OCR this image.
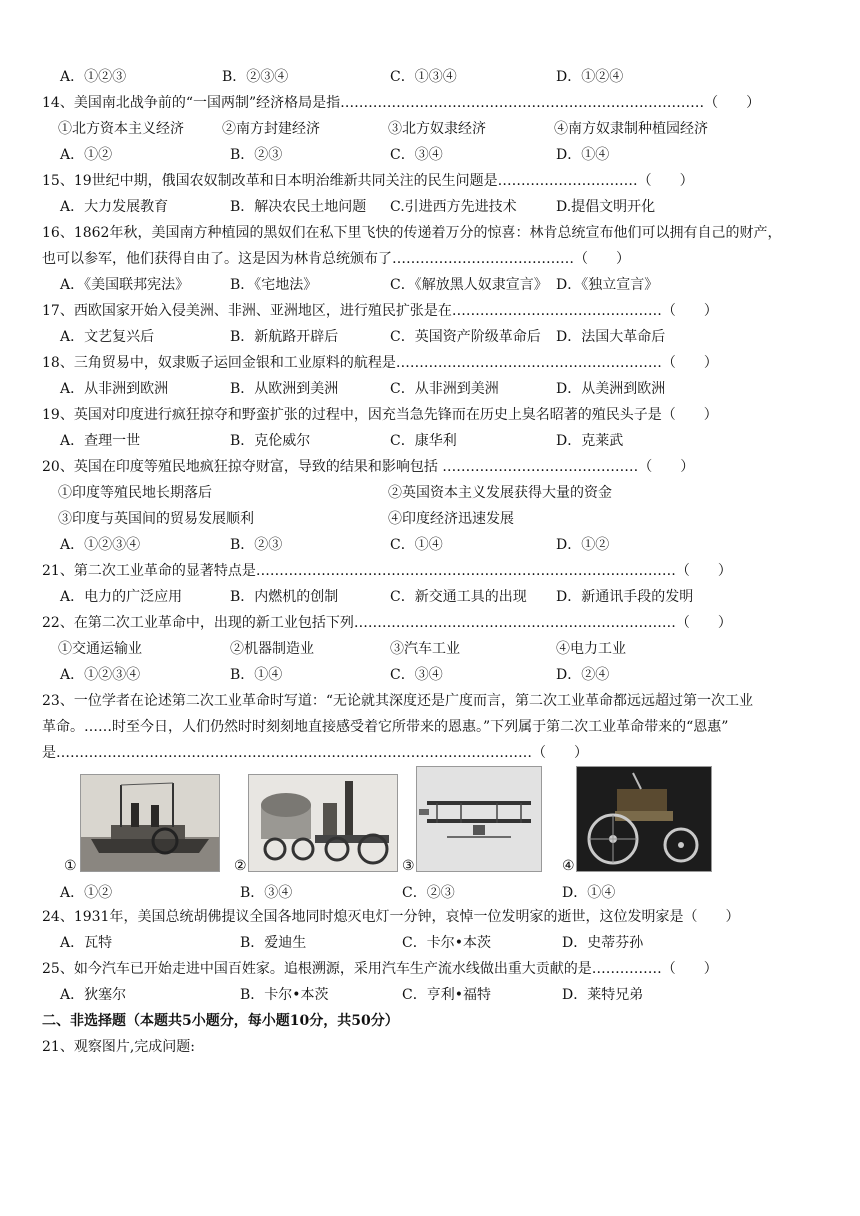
A．①②③	B．②③④	C．①③④	D．①②④
14、美国南北战争前的“一国两制”经济格局是指……………………………………………………………………（　　）
①北方资本主义经济	②南方封建经济	③北方奴隶经济	④南方奴隶制种植园经济
A．①②	B．②③	C．③④	D．①④
15、19世纪中期，俄国农奴制改革和日本明治维新共同关注的民生问题是…………………………（　　）
A．大力发展教育	B．解决农民土地问题 C.引进西方先进技术	D.提倡文明开化
16、1862年秋，美国南方种植园的黑奴们在私下里飞快的传递着万分的惊喜：林肯总统宣布他们可以拥有自己的财产，
也可以参军，他们获得自由了。这是因为林肯总统颁布了…………………………………（　　）
A．《美国联邦宪法》	B．《宅地法》	C．《解放黑人奴隶宣言》 D．《独立宣言》
17、西欧国家开始入侵美洲、非洲、亚洲地区，进行殖民扩张是在………………………………………（　　）
A．文艺复兴后	B．新航路开辟后	C．英国资产阶级革命后 D．法国大革命后
18、三角贸易中，奴隶贩子运回金银和工业原料的航程是…………………………………………………（　　）
A．从非洲到欧洲	B．从欧洲到美洲	C．从非洲到美洲	D．从美洲到欧洲
19、英国对印度进行疯狂掠夺和野蛮扩张的过程中，因充当急先锋而在历史上臭名昭著的殖民头子是（　　）
A．查理一世	B．克伦威尔	C．康华利	D．克莱武
20、英国在印度等殖民地疯狂掠夺财富，导致的结果和影响包括 ……………………………………（　　）
①印度等殖民地长期落后	②英国资本主义发展获得大量的资金
③印度与英国间的贸易发展顺利	④印度经济迅速发展
A．①②③④	B．②③	C．①④	D．①②
21、第二次工业革命的显著特点是………………………………………………………………………………（　　）
A．电力的广泛应用	B．内燃机的创制	C．新交通工具的出现 D．新通讯手段的发明
22、在第二次工业革命中，出现的新工业包括下列……………………………………………………………（　　）
①交通运输业	②机器制造业	③汽车工业	④电力工业
A．①②③④	B．①④	C．③④	D．②④
23、一位学者在论述第二次工业革命时写道：“无论就其深度还是广度而言，第二次工业革命都远远超过第一次工业
革命。……时至今日，人们仍然时时刻刻地直接感受着它所带来的恩惠。”下列属于第二次工业革命带来的“恩惠”
是…………………………………………………………………………………………（　　）
①	②	③	④
A．①②	B．③④	C．②③	D．①④
24、1931年，美国总统胡佛提议全国各地同时熄灭电灯一分钟，哀悼一位发明家的逝世，这位发明家是（　　）
A．瓦特	B．爱迪生	C．卡尔•本茨	D．史蒂芬孙
25、如今汽车已开始走进中国百姓家。追根溯源，采用汽车生产流水线做出重大贡献的是……………（　　）
A．狄塞尔	B．卡尔•本茨	C．亨利•福特	D．莱特兄弟
二、非选择题（本题共5小题分，每小题10分，共50分）
21、观察图片,完成问题:
